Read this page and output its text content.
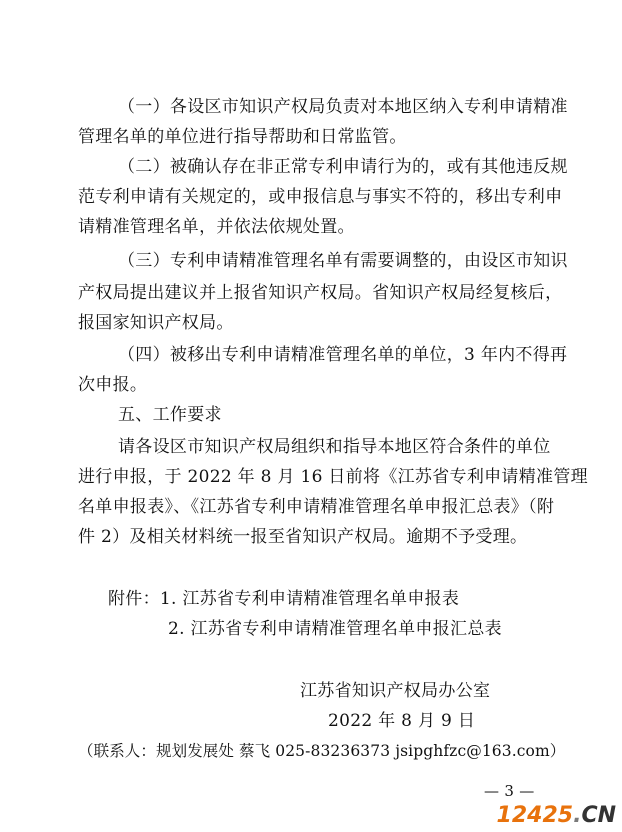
（一）各设区市知识产权局负责对本地区纳入专利申请精准
管理名单的单位进行指导帮助和日常监管。
（二）被确认存在非正常专利申请行为的，或有其他违反规
范专利申请有关规定的，或申报信息与事实不符的，移出专利申
请精准管理名单，并依法依规处置。
（三）专利申请精准管理名单有需要调整的，由设区市知识
产权局提出建议并上报省知识产权局。省知识产权局经复核后，
报国家知识产权局。
（四）被移出专利申请精准管理名单的单位，3 年内不得再
次申报。
五、工作要求
请各设区市知识产权局组织和指导本地区符合条件的单位
进行申报，于 2022 年 8 月 16 日前将《江苏省专利申请精准管理
名单申报表》、《江苏省专利申请精准管理名单申报汇总表》（附
件 2）及相关材料统一报至省知识产权局。逾期不予受理。
附件：1. 江苏省专利申请精准管理名单申报表
2. 江苏省专利申请精准管理名单申报汇总表
江苏省知识产权局办公室
2022 年 8 月 9 日
（联系人：规划发展处 蔡飞 025-83236373 jsipghfzc@163.com）
— 3 —
12425.CN
